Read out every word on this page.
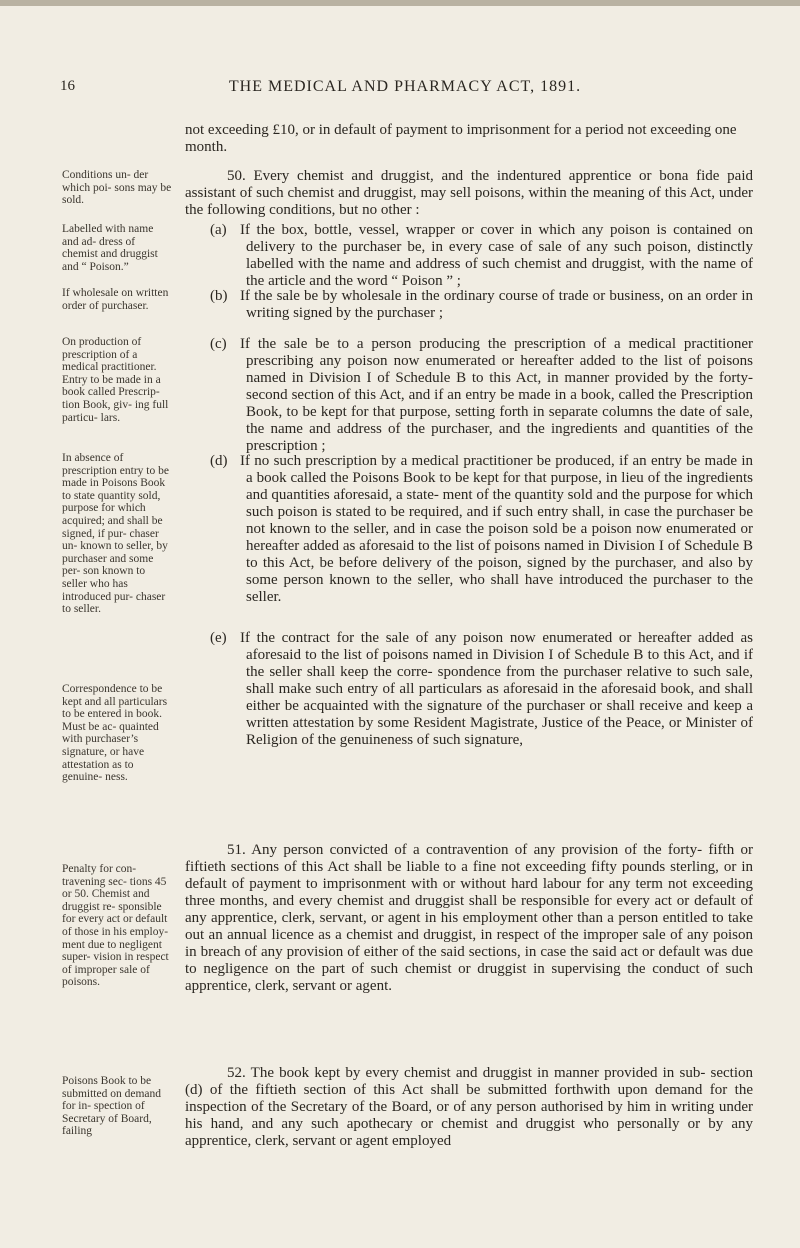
16	THE MEDICAL AND PHARMACY ACT, 1891.
not exceeding £10, or in default of payment to imprisonment for a period not exceeding one month.

Conditions un- der which poi- sons may be sold.

Labelled with name and ad- dress of chemist and druggist and “ Poison.”

If wholesale on written order of purchaser.

On production of prescription of a medical practitioner. Entry to be made in a book called Prescrip- tion Book, giv- ing full particu- lars.

In absence of prescription entry to be made in Poisons Book to state quantity sold, purpose for which acquired; and shall be signed, if pur- chaser un- known to seller, by purchaser and some per- son known to seller who has introduced pur- chaser to seller.

Correspondence to be kept and all particulars to be entered in book. Must be ac- quainted with purchaser’s signature, or have attestation as to genuine- ness.

Penalty for con- travening sec- tions 45 or 50. Chemist and druggist re- sponsible for every act or default of those in his employ- ment due to negligent super- vision in respect of improper sale of poisons.

Poisons Book to be submitted on demand for in- spection of Secretary of Board, failing

50. Every chemist and druggist, and the indentured apprentice or bona fide paid assistant of such chemist and druggist, may sell poisons, within the meaning of this Act, under the following conditions, but no other :

(a) If the box, bottle, vessel, wrapper or cover in which any poison is contained on delivery to the purchaser be, in every case of sale of any such poison, distinctly labelled with the name and address of such chemist and druggist, with the name of the article and the word “ Poison ” ;

(b) If the sale be by wholesale in the ordinary course of trade or business, on an order in writing signed by the purchaser ;

(c) If the sale be to a person producing the prescription of a medical practitioner prescribing any poison now enumerated or hereafter added to the list of poisons named in Division I of Schedule B to this Act, in manner provided by the forty-second section of this Act, and if an entry be made in a book, called the Prescription Book, to be kept for that purpose, setting forth in separate columns the date of sale, the name and address of the purchaser, and the ingredients and quantities of the prescription ;

(d) If no such prescription by a medical practitioner be produced, if an entry be made in a book called the Poisons Book to be kept for that purpose, in lieu of the ingredients and quantities aforesaid, a state- ment of the quantity sold and the purpose for which such poison is stated to be required, and if such entry shall, in case the purchaser be not known to the seller, and in case the poison sold be a poison now enumerated or hereafter added as aforesaid to the list of poisons named in Division I of Schedule B to this Act, be before delivery of the poison, signed by the purchaser, and also by some person known to the seller, who shall have introduced the purchaser to the seller.

(e) If the contract for the sale of any poison now enumerated or hereafter added as aforesaid to the list of poisons named in Division I of Schedule B to this Act, and if the seller shall keep the corre- spondence from the purchaser relative to such sale, shall make such entry of all particulars as aforesaid in the aforesaid book, and shall either be acquainted with the signature of the purchaser or shall receive and keep a written attestation by some Resident Magistrate, Justice of the Peace, or Minister of Religion of the genuineness of such signature,

51. Any person convicted of a contravention of any provision of the forty- fifth or fiftieth sections of this Act shall be liable to a fine not exceeding fifty pounds sterling, or in default of payment to imprisonment with or without hard labour for any term not exceeding three months, and every chemist and druggist shall be responsible for every act or default of any apprentice, clerk, servant, or agent in his employment other than a person entitled to take out an annual licence as a chemist and druggist, in respect of the improper sale of any poison in breach of any provision of either of the said sections, in case the said act or default was due to negligence on the part of such chemist or druggist in supervising the conduct of such apprentice, clerk, servant or agent.

52. The book kept by every chemist and druggist in manner provided in sub- section (d) of the fiftieth section of this Act shall be submitted forthwith upon demand for the inspection of the Secretary of the Board, or of any person authorised by him in writing under his hand, and any such apothecary or chemist and druggist who personally or by any apprentice, clerk, servant or agent employed
